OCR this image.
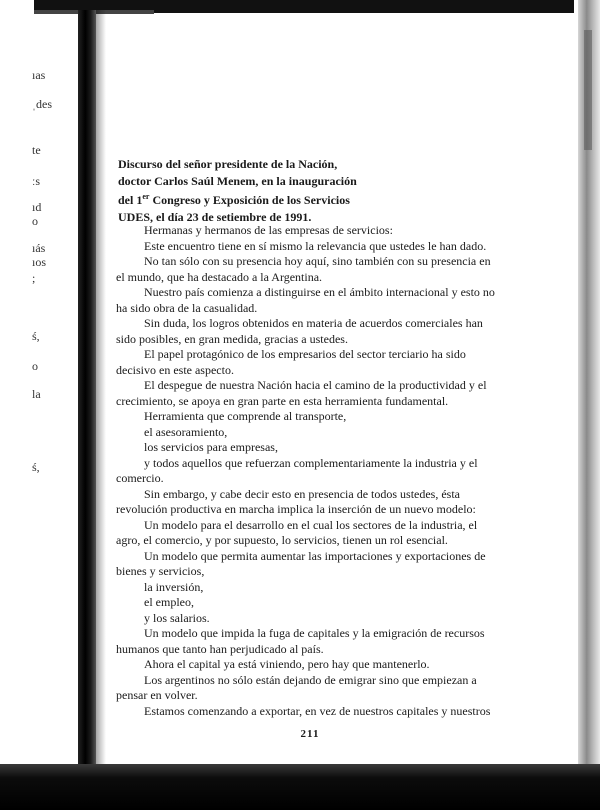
ıas
ˌdes
te
ːs
ıd
o
ıás
ıos
;
ś,
o
la
ś,
Discurso del señor presidente de la Nación,
doctor Carlos Saúl Menem, en la inauguración
del 1er Congreso y Exposición de los Servicios
UDES, el día 23 de setiembre de 1991.

Hermanas y hermanos de las empresas de servicios:

Este encuentro tiene en sí mismo la relevancia que ustedes le han dado.

No tan sólo con su presencia hoy aquí, sino también con su presencia en el mundo, que ha destacado a la Argentina.

Nuestro país comienza a distinguirse en el ámbito internacional y esto no ha sido obra de la casualidad.

Sin duda, los logros obtenidos en materia de acuerdos comerciales han sido posibles, en gran medida, gracias a ustedes.

El papel protagónico de los empresarios del sector terciario ha sido decisivo en este aspecto.

El despegue de nuestra Nación hacia el camino de la productividad y el crecimiento, se apoya en gran parte en esta herramienta fundamental.

Herramienta que comprende al transporte,

el asesoramiento,

los servicios para empresas,

y todos aquellos que refuerzan complementariamente la industria y el comercio.

Sin embargo, y cabe decir esto en presencia de todos ustedes, ésta revolución productiva en marcha implica la inserción de un nuevo modelo:

Un modelo para el desarrollo en el cual los sectores de la industria, el agro, el comercio, y por supuesto, lo servicios, tienen un rol esencial.

Un modelo que permita aumentar las importaciones y exportaciones de bienes y servicios,

la inversión,

el empleo,

y los salarios.

Un modelo que impida la fuga de capitales y la emigración de recursos humanos que tanto han perjudicado al país.

Ahora el capital ya está viniendo, pero hay que mantenerlo.

Los argentinos no sólo están dejando de emigrar sino que empiezan a pensar en volver.

Estamos comenzando a exportar, en vez de nuestros capitales y nuestros

211
